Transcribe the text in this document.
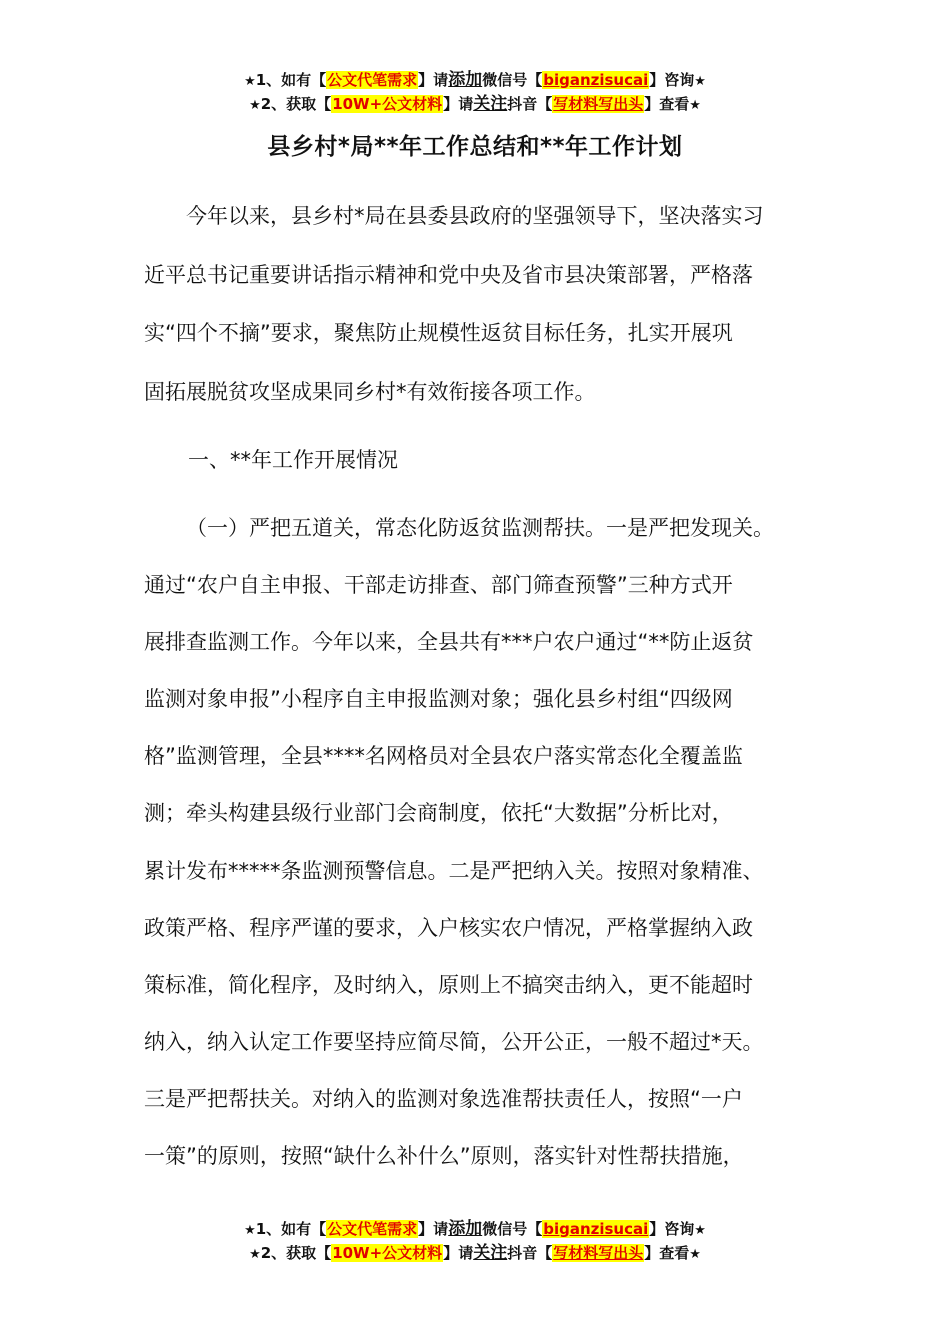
★1、如有【公文代笔需求】请添加微信号【biganzisucai】咨询★
★2、获取【10W+公文材料】请关注抖音【写材料写出头】查看★
县乡村*局**年工作总结和**年工作计划
今年以来，县乡村*局在县委县政府的坚强领导下，坚决落实习
近平总书记重要讲话指示精神和党中央及省市县决策部署，严格落
实“四个不摘”要求，聚焦防止规模性返贫目标任务，扎实开展巩
固拓展脱贫攻坚成果同乡村*有效衔接各项工作。
一、**年工作开展情况
（一）严把五道关，常态化防返贫监测帮扶。一是严把发现关。
通过“农户自主申报、干部走访排查、部门筛查预警”三种方式开
展排查监测工作。今年以来，全县共有***户农户通过“**防止返贫
监测对象申报”小程序自主申报监测对象；强化县乡村组“四级网
格”监测管理，全县****名网格员对全县农户落实常态化全覆盖监
测；牵头构建县级行业部门会商制度，依托“大数据”分析比对，
累计发布*****条监测预警信息。二是严把纳入关。按照对象精准、
政策严格、程序严谨的要求，入户核实农户情况，严格掌握纳入政
策标准，简化程序，及时纳入，原则上不搞突击纳入，更不能超时
纳入，纳入认定工作要坚持应简尽简，公开公正，一般不超过*天。
三是严把帮扶关。对纳入的监测对象选准帮扶责任人，按照“一户
一策”的原则，按照“缺什么补什么”原则，落实针对性帮扶措施，
★1、如有【公文代笔需求】请添加微信号【biganzisucai】咨询★
★2、获取【10W+公文材料】请关注抖音【写材料写出头】查看★
